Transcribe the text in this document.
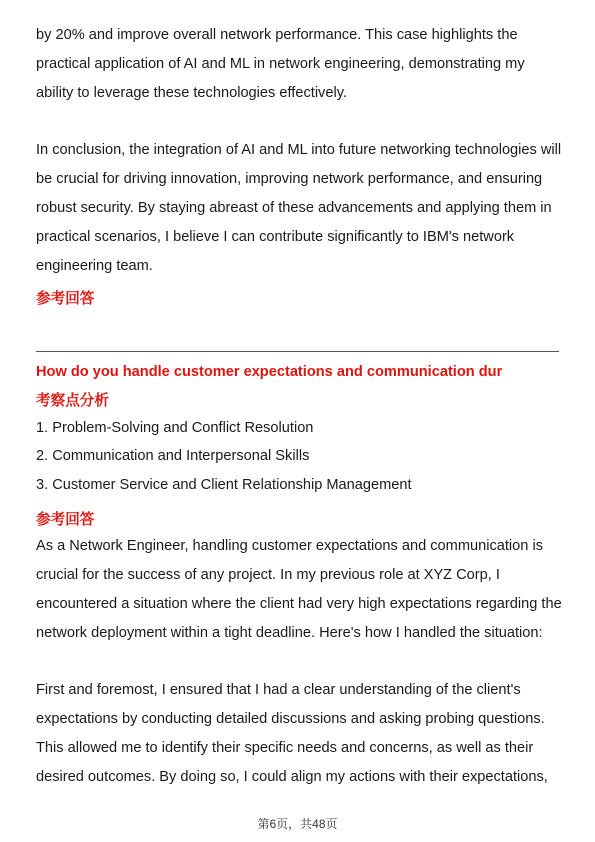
by 20% and improve overall network performance. This case highlights the
practical application of AI and ML in network engineering, demonstrating my
ability to leverage these technologies effectively.
In conclusion, the integration of AI and ML into future networking technologies will
be crucial for driving innovation, improving network performance, and ensuring
robust security. By staying abreast of these advancements and applying them in
practical scenarios, I believe I can contribute significantly to IBM's network
engineering team.
参考回答
How do you handle customer expectations and communication dur
考察点分析
1. Problem-Solving and Conflict Resolution
2. Communication and Interpersonal Skills
3. Customer Service and Client Relationship Management
参考回答
As a Network Engineer, handling customer expectations and communication is
crucial for the success of any project. In my previous role at XYZ Corp, I
encountered a situation where the client had very high expectations regarding the
network deployment within a tight deadline. Here's how I handled the situation:
First and foremost, I ensured that I had a clear understanding of the client's
expectations by conducting detailed discussions and asking probing questions.
This allowed me to identify their specific needs and concerns, as well as their
desired outcomes. By doing so, I could align my actions with their expectations,
第6页，共48页
